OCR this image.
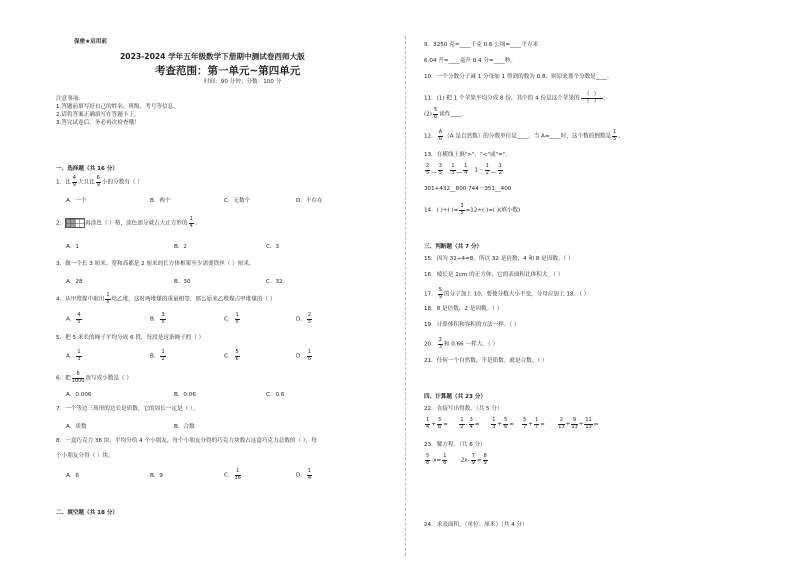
保密★启用前
2023-2024 学年五年级数学下册期中测试卷西师大版
考查范围：第一单元~第四单元
时间：90 分钟；分数：100 分
注意事项：
1.答题前填写好自己的姓名、班级、考号等信息。
2.请将答案正确填写在答题卡上。
3.答完试卷后，务必再次检查哦！
一、选择题（共 16 分）
1．比 $\frac{4}{9}$ 大且比 $\frac{6}{9}$ 小的分数有（ ）
A．一个	B．两个	C．无数个	D．不存在
2．	再涂色（ ）格，涂色部分就占大正方形的 $\frac{1}{4}$ 。
A．1	B．2	C．3
3．做一个长 3 厘米、宽和高都是 2 厘米的长方体框架至少需要铁丝（ ）厘米。
A．28	B．30	C．32
4．从甲堆煤中取出 $\frac{1}{5}$ 给乙堆，这时两堆煤的重量相等，那么原来乙堆煤占甲堆煤的（ ）
A． $\frac{4}{5}$	B． $\frac{3}{5}$	C． $\frac{1}{5}$	D． $\frac{2}{5}$
5．把 5 米长的绳子平均分成 6 段，每段是这条绳子的（ ）
A． $\frac{1}{3}$	B． $\frac{1}{2}$	C． $\frac{5}{6}$	D． $\frac{1}{6}$
6．把 $\frac{6}{1000}$ 改写成小数是（ ）
A．0.006	B．0.06	C．0.6
7．一个等边三角形的边长是质数，它的周长一定是（ ）。
A．质数	B．合数
8．一盒巧克力 36 块，平均分给 4 个小朋友，每个小朋友分得的巧克力块数占这盒巧克力总数的（ ），每
个小朋友分得（ ）块。
A．6	B．9	C． $\frac{1}{36}$	D． $\frac{1}{4}$
二、填空题（共 18 分）
9．3250 克=____千克 0.6 公顷=____平方米
6.04 升=____毫升 0.4 分=____秒。
10．一个分数分子减 1 分母加 1 得到的数为 0.8，则原来那个分数是____。
11．(1) 把 1 个苹果平均分成 8 份，其中的 4 份是这个苹果的 $\frac{( )}{( )}$ ；
$(2) \frac{5}{6}$ 读作____。
12． $\frac{A}{6} (A$ 是自然数）的分数单位是____，当 A=____时，这个数的倒数是 $\frac{1}{5}$ 。
13．在横线上填">"、"<"或"="。
$\frac{2}{5}$ __ $\frac{3}{5}$
$\frac{1}{3}$ __ $\frac{1}{4} 1- \frac{1}{2}$ __ $\frac{1}{2}$
301+432__800 744－351__400
14．( )÷( )= $\frac{3}{5} =12\div$( )=( )(填小数)
三、判断题（共 7 分）
15．因为 32÷4=8，所以 32 是倍数，4 和 8 是因数。（ ）
16．棱长是 1cm 的正方体，它的表面积比体积大。（ ）
17． $\frac{5}{9}$ 的分子加上 10，要使分数大小不变，分母应加上 18。（ ）
18．8 是倍数，2 是因数。（ ）
19．计算体积和容积的方法一样。（ ）
20． $\frac{2}{3}$ 和 0.66 一样大。（ ）
21．任何一个自然数，不是质数，就是合数。（ ）
四、计算题（共 23 分）
22．直接写出得数。（共 5 分）
$\frac{1}{4} + \frac{3}{8} = \frac{1}{2} - \frac{3}{4} = \frac{1}{3} + \frac{5}{6} = \frac{5}{7} + \frac{1}{7} = \frac{2}{13} + \frac{9}{13} + \frac{11}{13}$ =
23．解方程。（共 6 分）
$\frac{5}{8} -x= \frac{1}{6} 2x- \frac{7}{9} = \frac{8}{9}$
24．求表面积。（单位：厘米）（共 4 分）
